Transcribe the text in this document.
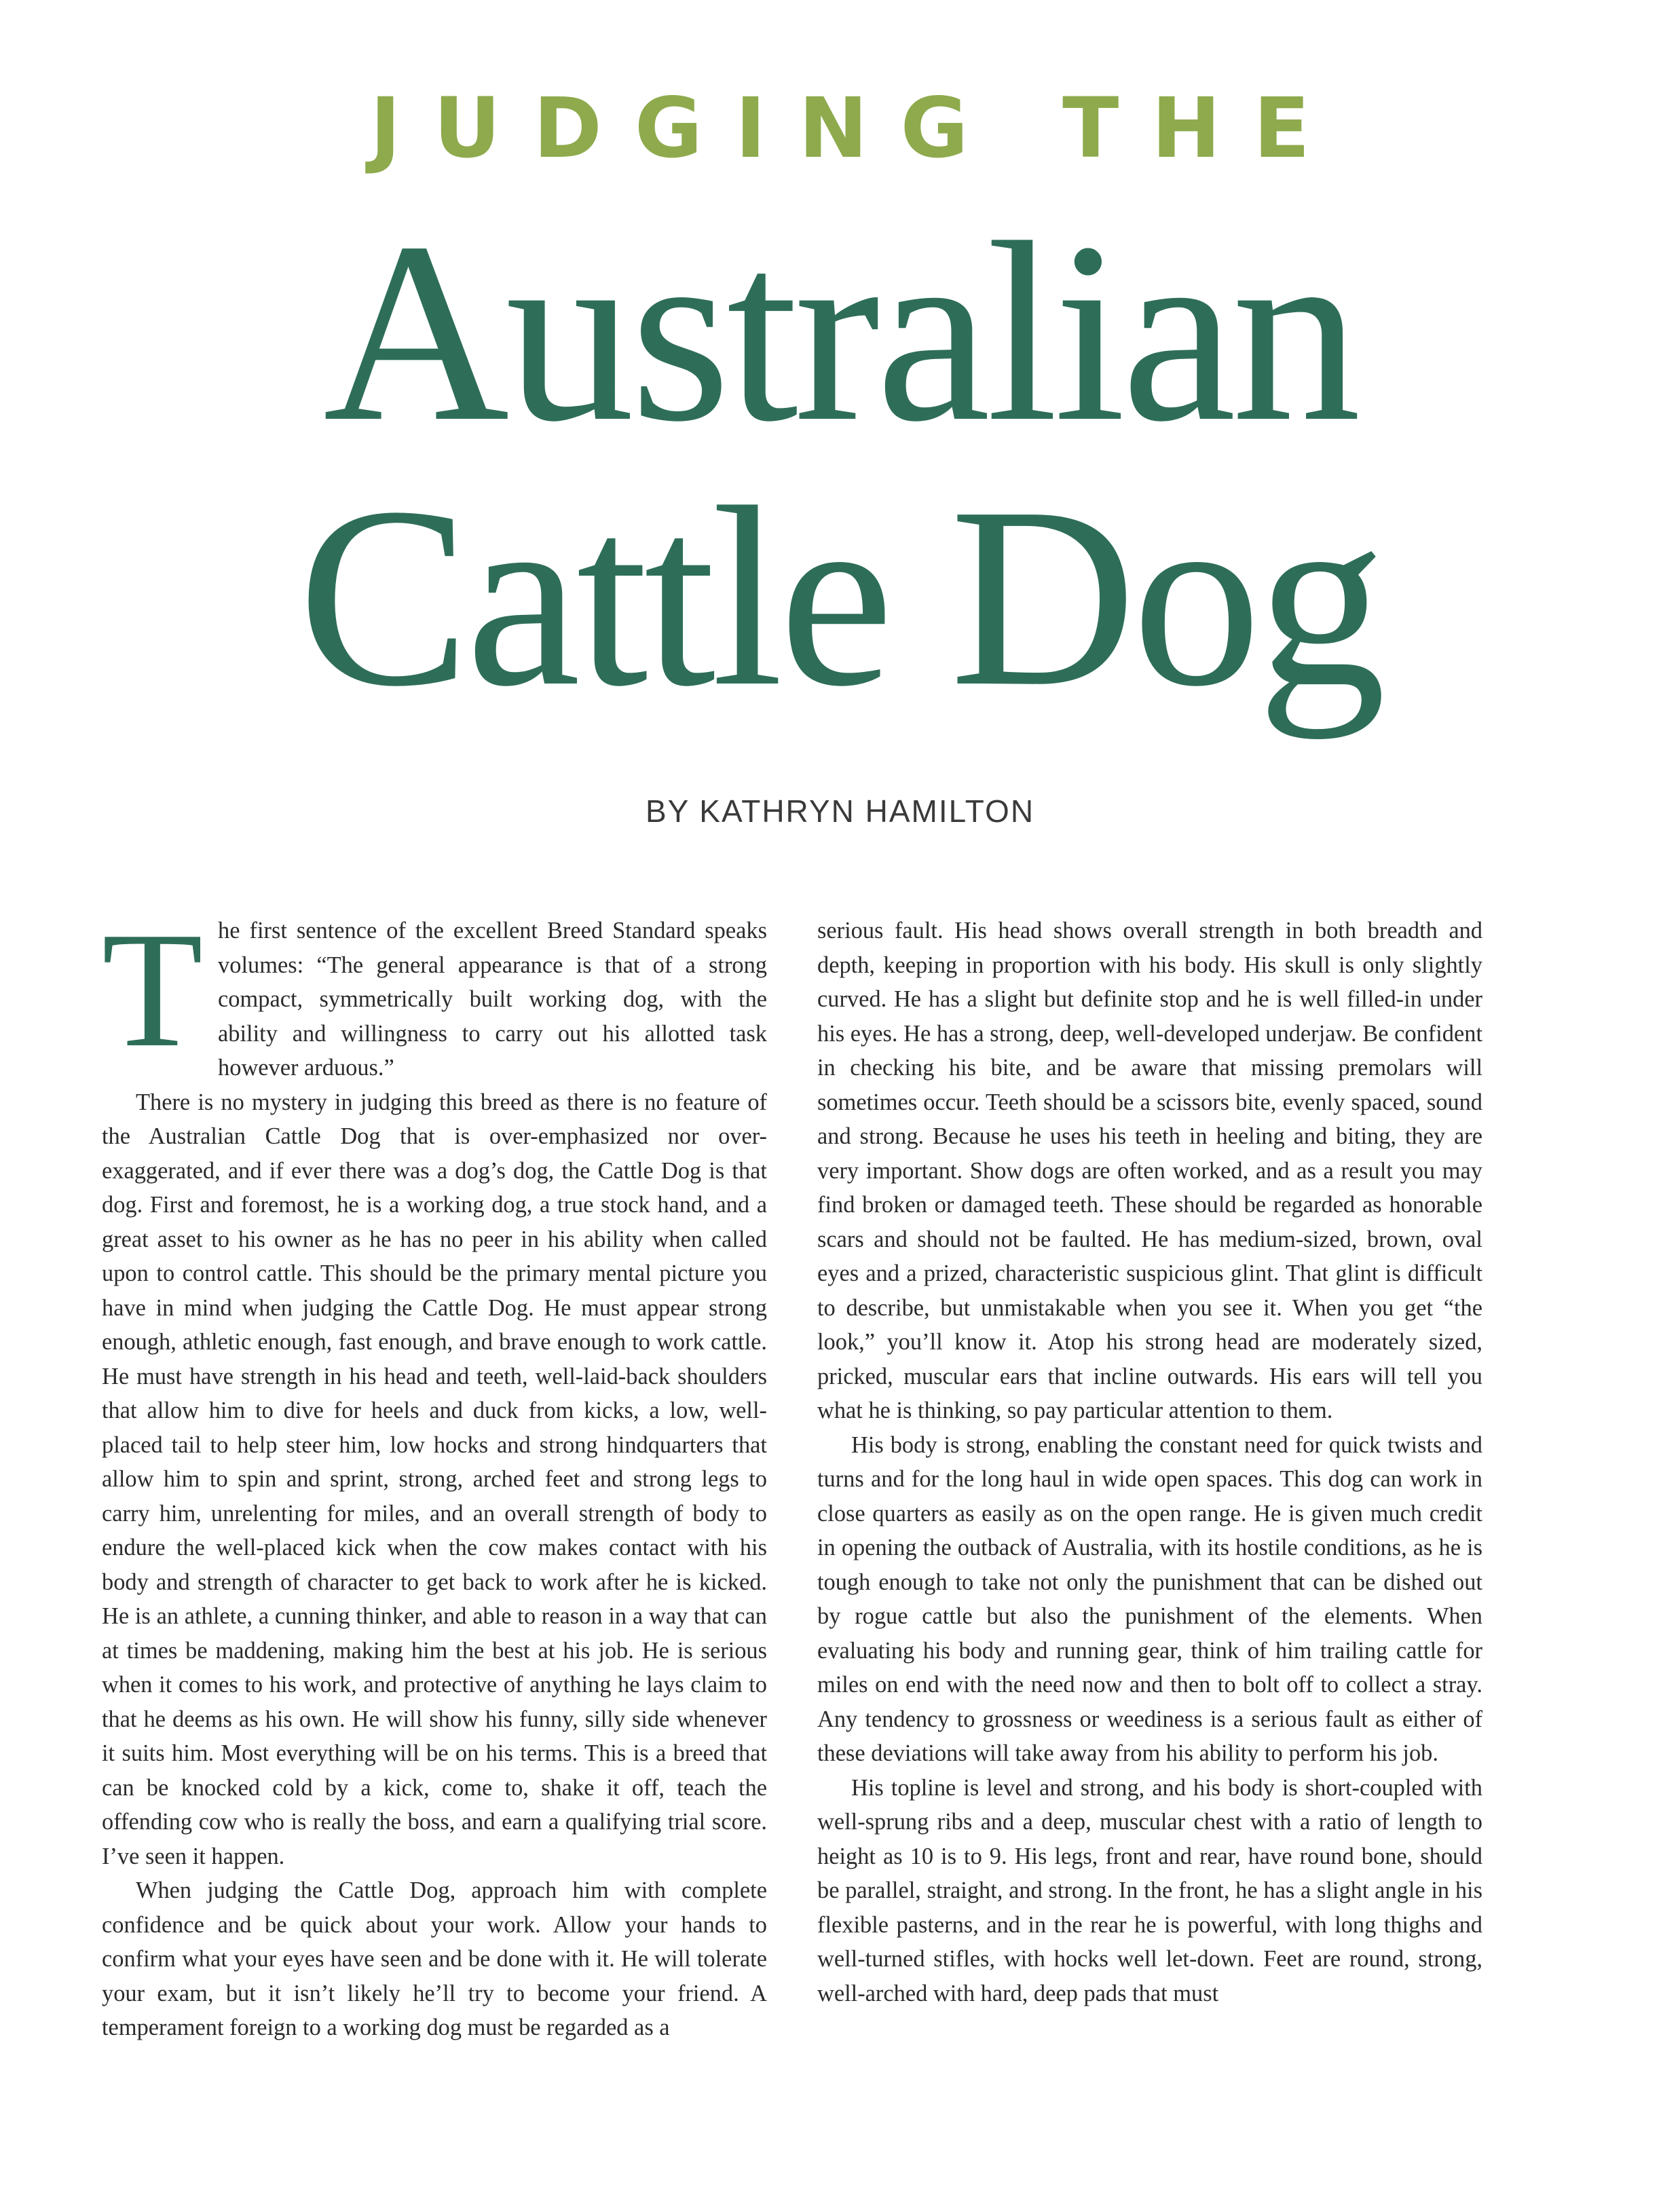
JUDGING THE
Australian
Cattle Dog
BY KATHRYN HAMILTON

The first sentence of the excellent Breed Standard speaks volumes: “The general appearance is that of a strong compact, symmetrically built working dog, with the ability and willingness to carry out his allotted task however arduous.”

There is no mystery in judging this breed as there is no feature of the Australian Cattle Dog that is over-emphasized nor over-exaggerated, and if ever there was a dog’s dog, the Cattle Dog is that dog. First and foremost, he is a working dog, a true stock hand, and a great asset to his owner as he has no peer in his ability when called upon to control cattle. This should be the primary mental picture you have in mind when judging the Cattle Dog. He must appear strong enough, athletic enough, fast enough, and brave enough to work cattle. He must have strength in his head and teeth, well-laid-back shoulders that allow him to dive for heels and duck from kicks, a low, well-placed tail to help steer him, low hocks and strong hindquarters that allow him to spin and sprint, strong, arched feet and strong legs to carry him, unrelenting for miles, and an overall strength of body to endure the well-placed kick when the cow makes contact with his body and strength of character to get back to work after he is kicked. He is an athlete, a cunning thinker, and able to reason in a way that can at times be maddening, making him the best at his job. He is serious when it comes to his work, and protective of anything he lays claim to that he deems as his own. He will show his funny, silly side whenever it suits him. Most everything will be on his terms. This is a breed that can be knocked cold by a kick, come to, shake it off, teach the offending cow who is really the boss, and earn a qualifying trial score. I’ve seen it happen.

When judging the Cattle Dog, approach him with complete confidence and be quick about your work. Allow your hands to confirm what your eyes have seen and be done with it. He will tolerate your exam, but it isn’t likely he’ll try to become your friend. A temperament foreign to a working dog must be regarded as a

serious fault. His head shows overall strength in both breadth and depth, keeping in proportion with his body. His skull is only slightly curved. He has a slight but definite stop and he is well filled-in under his eyes. He has a strong, deep, well-developed underjaw. Be confident in checking his bite, and be aware that missing premolars will sometimes occur. Teeth should be a scissors bite, evenly spaced, sound and strong. Because he uses his teeth in heeling and biting, they are very important. Show dogs are often worked, and as a result you may find broken or damaged teeth. These should be regarded as honorable scars and should not be faulted. He has medium-sized, brown, oval eyes and a prized, characteristic suspicious glint. That glint is difficult to describe, but unmistakable when you see it. When you get “the look,” you’ll know it. Atop his strong head are moderately sized, pricked, muscular ears that incline outwards. His ears will tell you what he is thinking, so pay particular attention to them.

His body is strong, enabling the constant need for quick twists and turns and for the long haul in wide open spaces. This dog can work in close quarters as easily as on the open range. He is given much credit in opening the outback of Australia, with its hostile conditions, as he is tough enough to take not only the punishment that can be dished out by rogue cattle but also the punishment of the elements. When evaluating his body and running gear, think of him trailing cattle for miles on end with the need now and then to bolt off to collect a stray. Any tendency to grossness or weediness is a serious fault as either of these deviations will take away from his ability to perform his job.

His topline is level and strong, and his body is short-coupled with well-sprung ribs and a deep, muscular chest with a ratio of length to height as 10 is to 9. His legs, front and rear, have round bone, should be parallel, straight, and strong. In the front, he has a slight angle in his flexible pasterns, and in the rear he is powerful, with long thighs and well-turned stifles, with hocks well let-down. Feet are round, strong, well-arched with hard, deep pads that must
